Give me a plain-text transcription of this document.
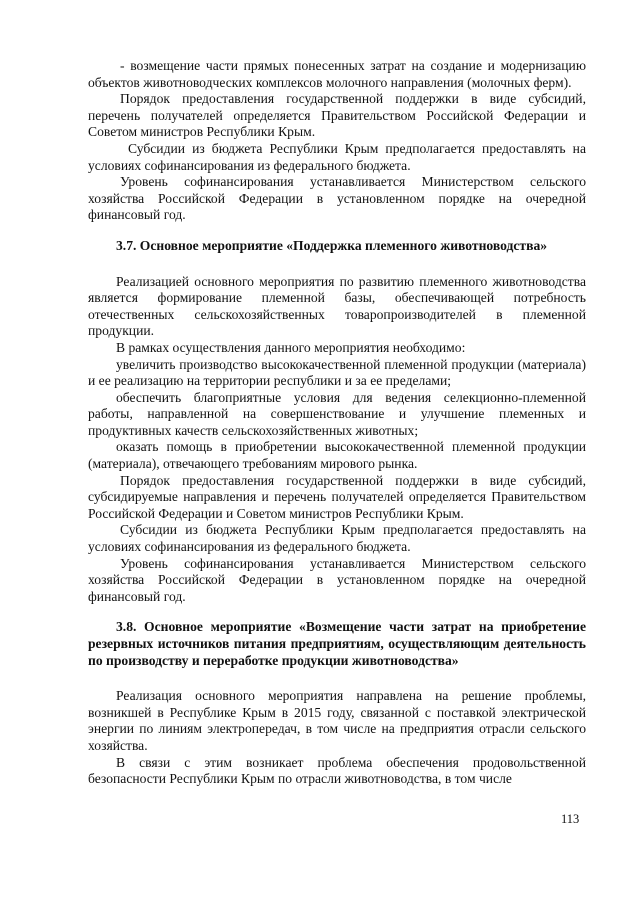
- возмещение части прямых понесенных затрат на создание и модернизацию объектов животноводческих комплексов молочного направления (молочных ферм).

Порядок предоставления государственной поддержки в виде субсидий, перечень получателей определяется Правительством Российской Федерации и Советом министров Республики Крым.

Субсидии из бюджета Республики Крым предполагается предоставлять на условиях софинансирования из федерального бюджета.

Уровень софинансирования устанавливается Министерством сельского хозяйства Российской Федерации в установленном порядке на очередной финансовый год.

3.7. Основное мероприятие «Поддержка племенного животноводства»

Реализацией основного мероприятия по развитию племенного животноводства является формирование племенной базы, обеспечивающей потребность отечественных сельскохозяйственных товаропроизводителей в племенной продукции.

В рамках осуществления данного мероприятия необходимо:

увеличить производство высококачественной племенной продукции (материала) и ее реализацию на территории республики и за ее пределами;

обеспечить благоприятные условия для ведения селекционно-племенной работы, направленной на совершенствование и улучшение племенных и продуктивных качеств сельскохозяйственных животных;

оказать помощь в приобретении высококачественной племенной продукции (материала), отвечающего требованиям мирового рынка.

Порядок предоставления государственной поддержки в виде субсидий, субсидируемые направления и перечень получателей определяется Правительством Российской Федерации и Советом министров Республики Крым.

Субсидии из бюджета Республики Крым предполагается предоставлять на условиях софинансирования из федерального бюджета.

Уровень софинансирования устанавливается Министерством сельского хозяйства Российской Федерации в установленном порядке на очередной финансовый год.

3.8. Основное мероприятие «Возмещение части затрат на приобретение резервных источников питания предприятиям, осуществляющим деятельность по производству и переработке продукции животноводства»

Реализация основного мероприятия направлена на решение проблемы, возникшей в Республике Крым в 2015 году, связанной с поставкой электрической энергии по линиям электропередач, в том числе на предприятия отрасли сельского хозяйства.

В связи с этим возникает проблема обеспечения продовольственной безопасности Республики Крым по отрасли животноводства, в том числе

113
